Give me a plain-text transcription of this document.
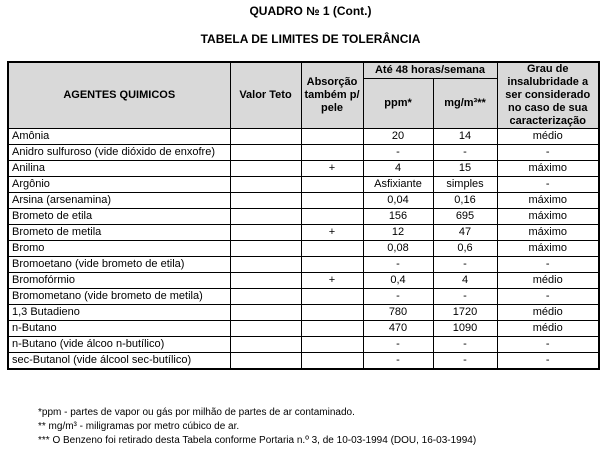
QUADRO № 1 (Cont.)
TABELA DE LIMITES DE TOLERÂNCIA
AGENTES QUIMICOS	Valor Teto	Absorção também p/ pele	Até 48 horas/semana		Grau de insalubridade a ser considerado no caso de sua caracterização
			ppm*	mg/m³**	
Amônia			20	14	médio
Anidro sulfuroso (vide dióxido de enxofre)			-	-	-
Anilina		+	4	15	máximo
Argônio			Asfixiante	simples	-
Arsina (arsenamina)			0,04	0,16	máximo
Brometo de etila			156	695	máximo
Brometo de metila		+	12	47	máximo
Bromo			0,08	0,6	máximo
Bromoetano (vide brometo de etila)			-	-	-
Bromofórmio		+	0,4	4	médio
Bromometano (vide brometo de metila)			-	-	-
1,3 Butadieno			780	1720	médio
n-Butano			470	1090	médio
n-Butano (vide álcoo n-butílico)			-	-	-
sec-Butanol (vide álcool sec-butílico)			-	-	-
*ppm - partes de vapor ou gás por milhão de partes de ar contaminado.
** mg/m³ - miligramas por metro cúbico de ar.
*** O Benzeno foi retirado desta Tabela conforme Portaria n.º 3, de 10-03-1994 (DOU, 16-03-1994)
